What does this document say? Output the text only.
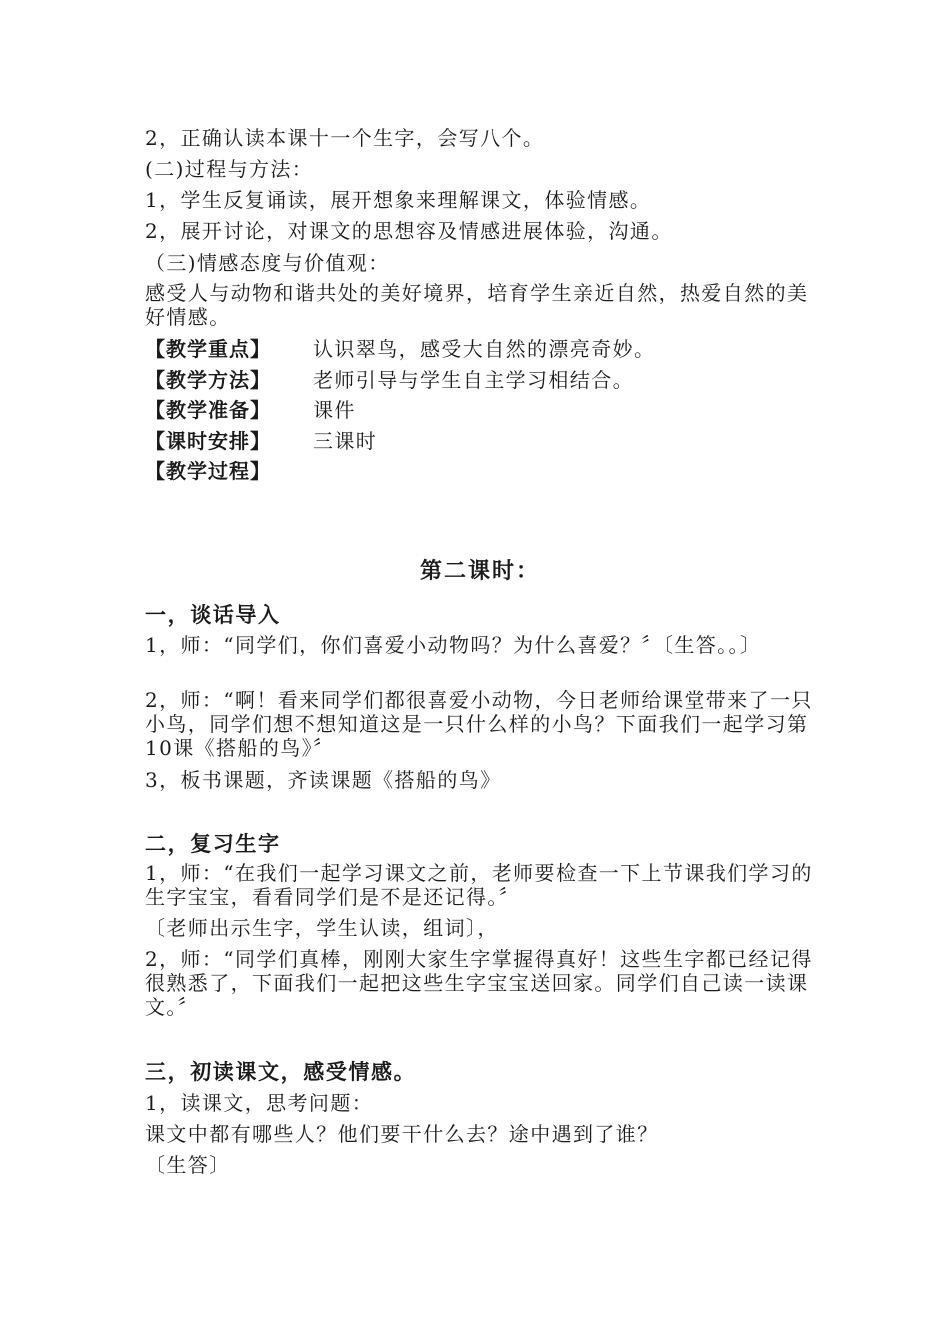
2，正确认读本课十一个生字，会写八个。
(二)过程与方法：
1，学生反复诵读，展开想象来理解课文，体验情感。
2，展开讨论，对课文的思想容及情感进展体验，沟通。
（三)情感态度与价值观：
感受人与动物和谐共处的美好境界，培育学生亲近自然，热爱自然的美好情感。
【教学重点】 认识翠鸟，感受大自然的漂亮奇妙。
【教学方法】 老师引导与学生自主学习相结合。
【教学准备】 课件
【课时安排】 三课时
【教学过程】
第二课时：
一，谈话导入
1，师：“同学们，你们喜爱小动物吗？为什么喜爱？〞〔生答。。〕
2，师：“啊！看来同学们都很喜爱小动物，今日老师给课堂带来了一只小鸟，同学们想不想知道这是一只什么样的小鸟？下面我们一起学习第10课《搭船的鸟》〞
3，板书课题，齐读课题《搭船的鸟》
二，复习生字
1，师：“在我们一起学习课文之前，老师要检查一下上节课我们学习的生字宝宝，看看同学们是不是还记得。〞
〔老师出示生字，学生认读，组词〕，
2，师：“同学们真棒，刚刚大家生字掌握得真好！这些生字都已经记得很熟悉了，下面我们一起把这些生字宝宝送回家。同学们自己读一读课文。〞
三，初读课文，感受情感。
1，读课文，思考问题：
课文中都有哪些人？他们要干什么去？途中遇到了谁？
〔生答〕
